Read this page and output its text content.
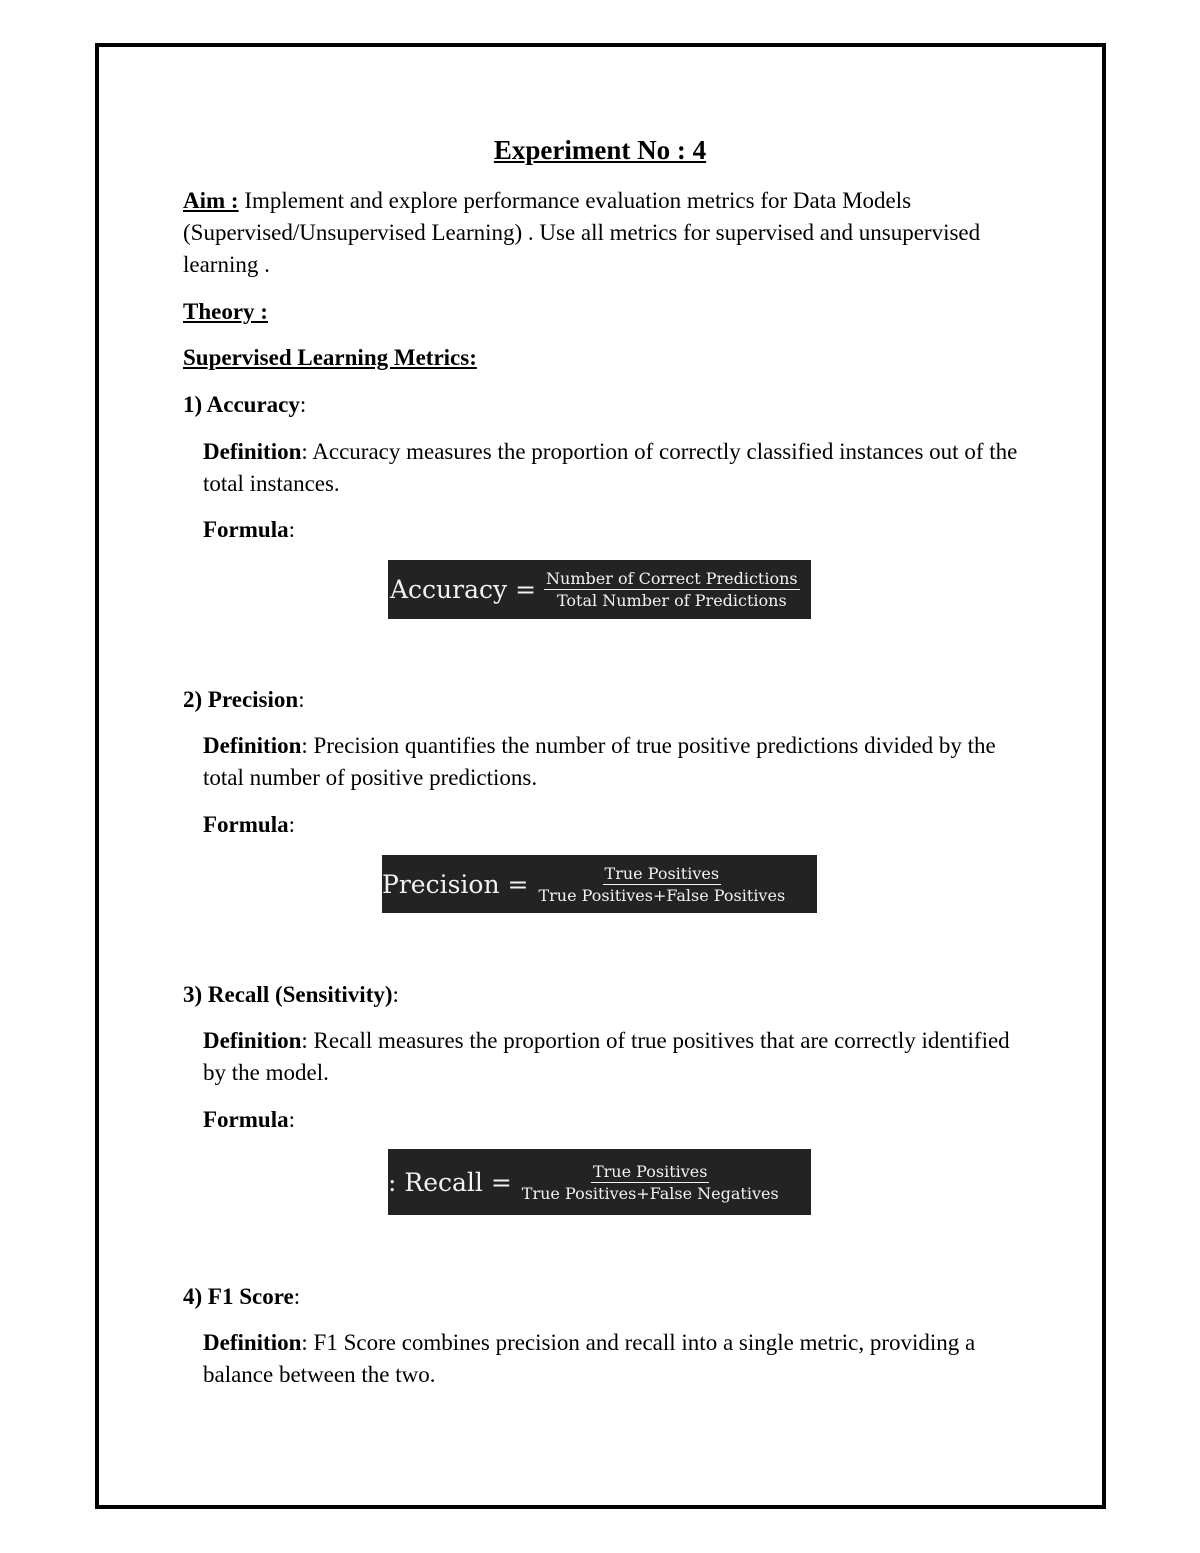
Experiment No : 4
Aim : Implement and explore performance evaluation metrics for Data Models (Supervised/Unsupervised Learning) . Use all metrics for supervised and unsupervised learning .
Theory :
Supervised Learning Metrics:
1) Accuracy:
Definition: Accuracy measures the proportion of correctly classified instances out of the total instances.
Formula:
2) Precision:
Definition: Precision quantifies the number of true positive predictions divided by the total number of positive predictions.
Formula:
3) Recall (Sensitivity):
Definition: Recall measures the proportion of true positives that are correctly identified by the model.
Formula:
4) F1 Score:
Definition: F1 Score combines precision and recall into a single metric, providing a balance between the two.
Accuracy = $\frac{\text{Number of Correct Predictions}}{\text{Total Number of Predictions}}$
Precision = $\frac{\text{True Positives}}{\text{True Positives+False Positives}}$
: Recall = $\frac{\text{True Positives}}{\text{True Positives+False Negatives}}$
